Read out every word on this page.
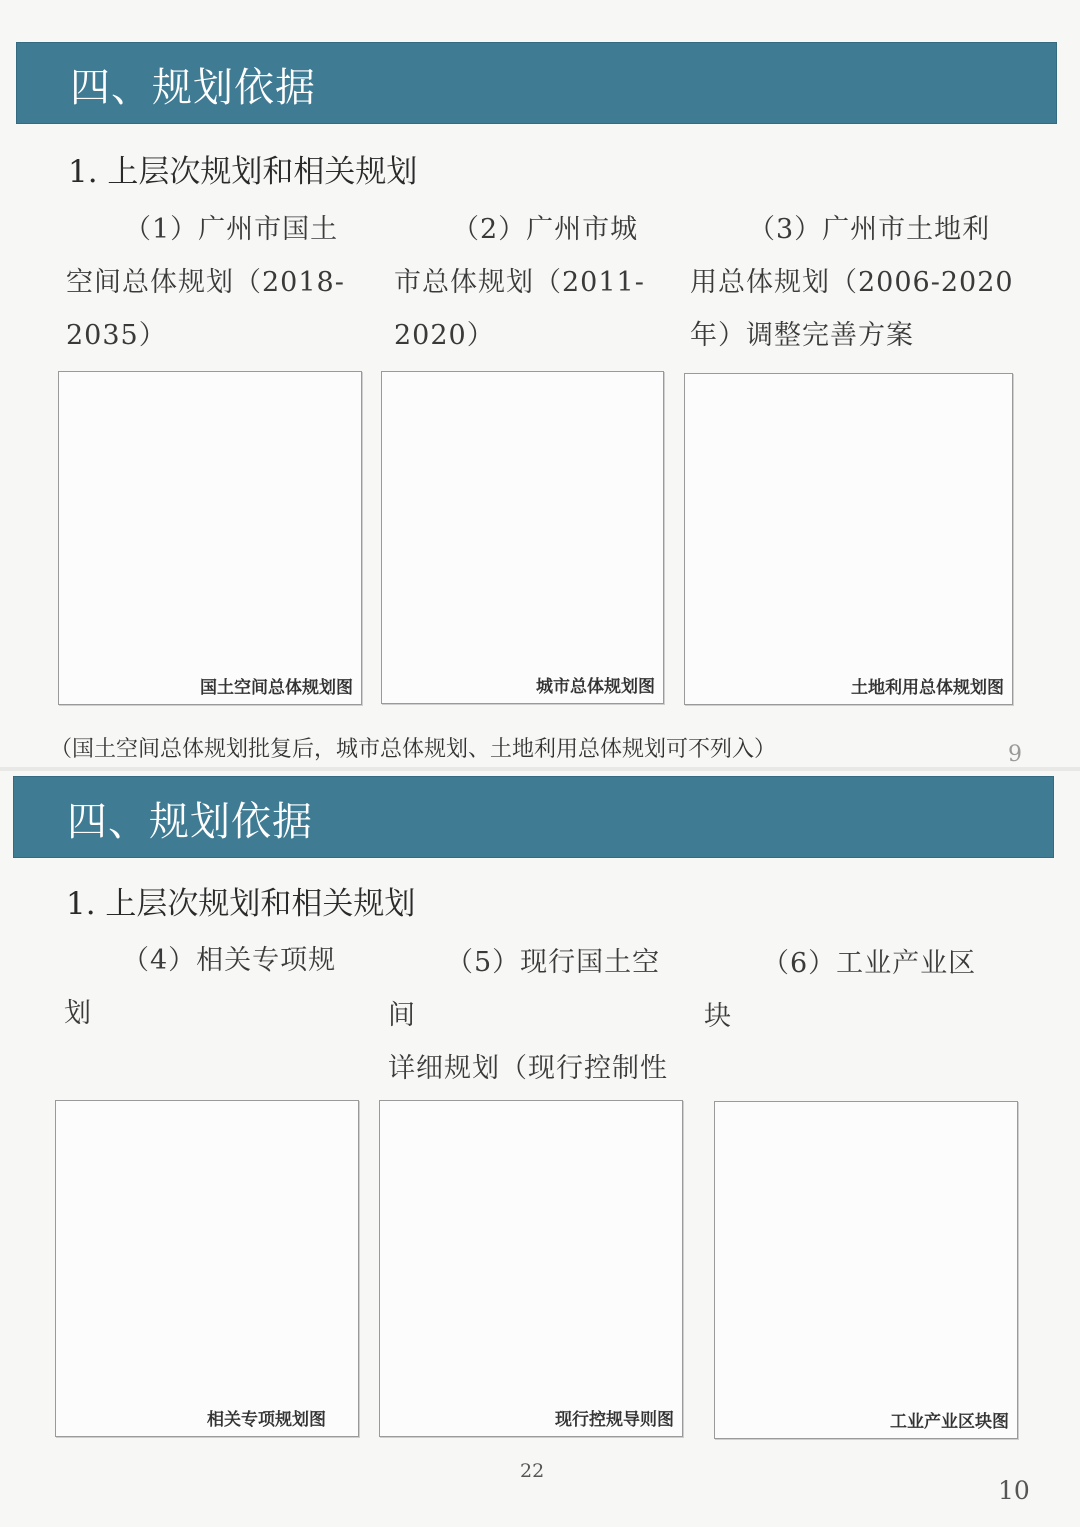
四、规划依据
1. 上层次规划和相关规划
（1）广州市国土
空间总体规划（2018-2035）
（2）广州市城
市总体规划（2011-2020）
（3）广州市土地利
用总体规划（2006-2020年）调整完善方案
国土空间总体规划图	城市总体规划图	土地利用总体规划图
（国土空间总体规划批复后，城市总体规划、土地利用总体规划可不列入）	9
四、规划依据
1. 上层次规划和相关规划
（4）相关专项规划
（5）现行国土空间
详细规划（现行控制性
（6）工业产业区块
相关专项规划图	现行控规导则图	工业产业区块图
22
10
